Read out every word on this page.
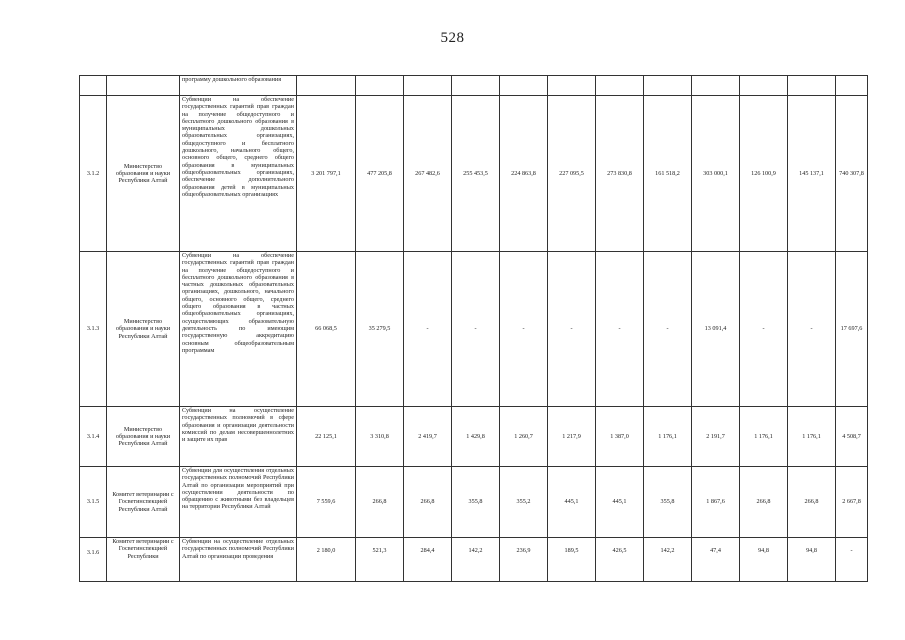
528
		программу дошкольного образования												
3.1.2	Министерство образования и науки Республики Алтай	Субвенции на обеспечение государственных гарантий прав граждан на получение общедоступного и бесплатного дошкольного образования в муниципальных дошкольных образовательных организациях, общедоступного и бесплатного дошкольного, начального общего, основного общего, среднего общего образования в муниципальных общеобразовательных организациях, обеспечение дополнительного образования детей в муниципальных общеобразовательных организациях	3 201 797,1	477 205,8	267 482,6	255 453,5	224 863,8	227 095,5	273 830,8	161 518,2	303 000,1	126 100,9	145 137,1	740 307,8
3.1.3	Министерство образования и науки Республики Алтай	Субвенции на обеспечение государственных гарантий прав граждан на получение общедоступного и бесплатного дошкольного образования в частных дошкольных образовательных организациях, дошкольного, начального общего, основного общего, среднего общего образования в частных общеобразовательных организациях, осуществляющих образовательную деятельность по имеющим государственную аккредитацию основным общеобразовательным программам	66 068,5	35 279,5	-	-	-	-	-	-	13 091,4	-	-	17 697,6
3.1.4	Министерство образования и науки Республики Алтай	Субвенции на осуществление государственных полномочий в сфере образования и организации деятельности комиссий по делам несовершеннолетних и защите их прав	22 125,1	3 310,8	2 419,7	1 429,8	1 260,7	1 217,9	1 387,0	1 176,1	2 191,7	1 176,1	1 176,1	4 508,7
3.1.5	Комитет ветеринарии с Госветинспекцией Республики Алтай	Субвенции для осуществления отдельных государственных полномочий Республики Алтай по организации мероприятий при осуществлении деятельности по обращению с животными без владельцев на территории Республики Алтай	7 559,6	266,8	266,8	355,8	355,2	445,1	445,1	355,8	1 867,6	266,8	266,8	2 667,8
3.1.6	Комитет ветеринарии с Госветинспекцией Республики	Субвенции на осуществление отдельных государственных полномочий Республики Алтай по организации проведения	2 180,0	521,3	284,4	142,2	236,9	189,5	426,5	142,2	47,4	94,8	94,8	-
